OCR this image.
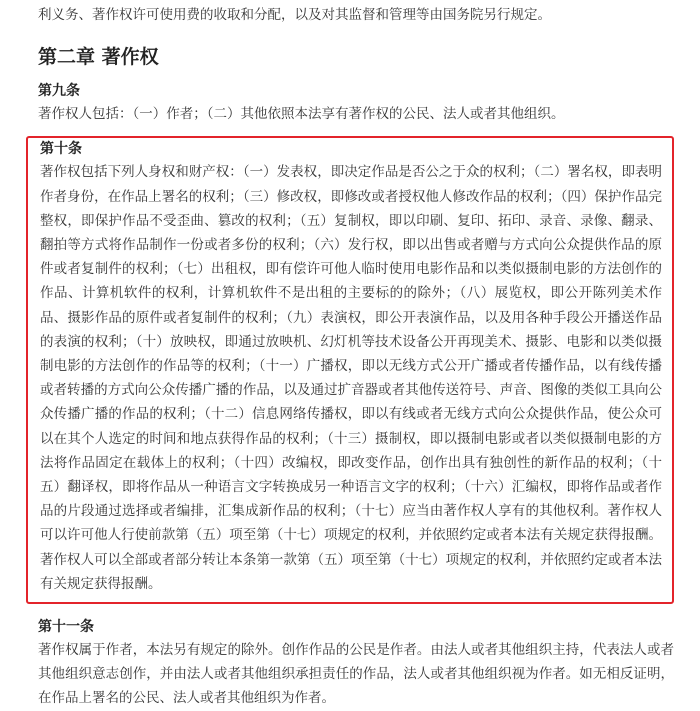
利义务、著作权许可使用费的收取和分配，以及对其监督和管理等由国务院另行规定。

第二章 著作权
第九条

著作权人包括：（一）作者；（二）其他依照本法享有著作权的公民、法人或者其他组织。

第十条

著作权包括下列人身权和财产权：（一）发表权，即决定作品是否公之于众的权利；（二）署名权，即表明作者身份，在作品上署名的权利；（三）修改权，即修改或者授权他人修改作品的权利；（四）保护作品完整权，即保护作品不受歪曲、篡改的权利；（五）复制权，即以印刷、复印、拓印、录音、录像、翻录、翻拍等方式将作品制作一份或者多份的权利；（六）发行权，即以出售或者赠与方式向公众提供作品的原件或者复制件的权利；（七）出租权，即有偿许可他人临时使用电影作品和以类似摄制电影的方法创作的作品、计算机软件的权利，计算机软件不是出租的主要标的的除外；（八）展览权，即公开陈列美术作品、摄影作品的原件或者复制件的权利；（九）表演权，即公开表演作品，以及用各种手段公开播送作品的表演的权利；（十）放映权，即通过放映机、幻灯机等技术设备公开再现美术、摄影、电影和以类似摄制电影的方法创作的作品等的权利；（十一）广播权，即以无线方式公开广播或者传播作品，以有线传播或者转播的方式向公众传播广播的作品，以及通过扩音器或者其他传送符号、声音、图像的类似工具向公众传播广播的作品的权利；（十二）信息网络传播权，即以有线或者无线方式向公众提供作品，使公众可以在其个人选定的时间和地点获得作品的权利；（十三）摄制权，即以摄制电影或者以类似摄制电影的方法将作品固定在载体上的权利；（十四）改编权，即改变作品，创作出具有独创性的新作品的权利；（十五）翻译权，即将作品从一种语言文字转换成另一种语言文字的权利；（十六）汇编权，即将作品或者作品的片段通过选择或者编排，汇集成新作品的权利；（十七）应当由著作权人享有的其他权利。著作权人可以许可他人行使前款第（五）项至第（十七）项规定的权利，并依照约定或者本法有关规定获得报酬。著作权人可以全部或者部分转让本条第一款第（五）项至第（十七）项规定的权利，并依照约定或者本法有关规定获得报酬。

第十一条

著作权属于作者，本法另有规定的除外。创作作品的公民是作者。由法人或者其他组织主持，代表法人或者其他组织意志创作，并由法人或者其他组织承担责任的作品，法人或者其他组织视为作者。如无相反证明，在作品上署名的公民、法人或者其他组织为作者。
